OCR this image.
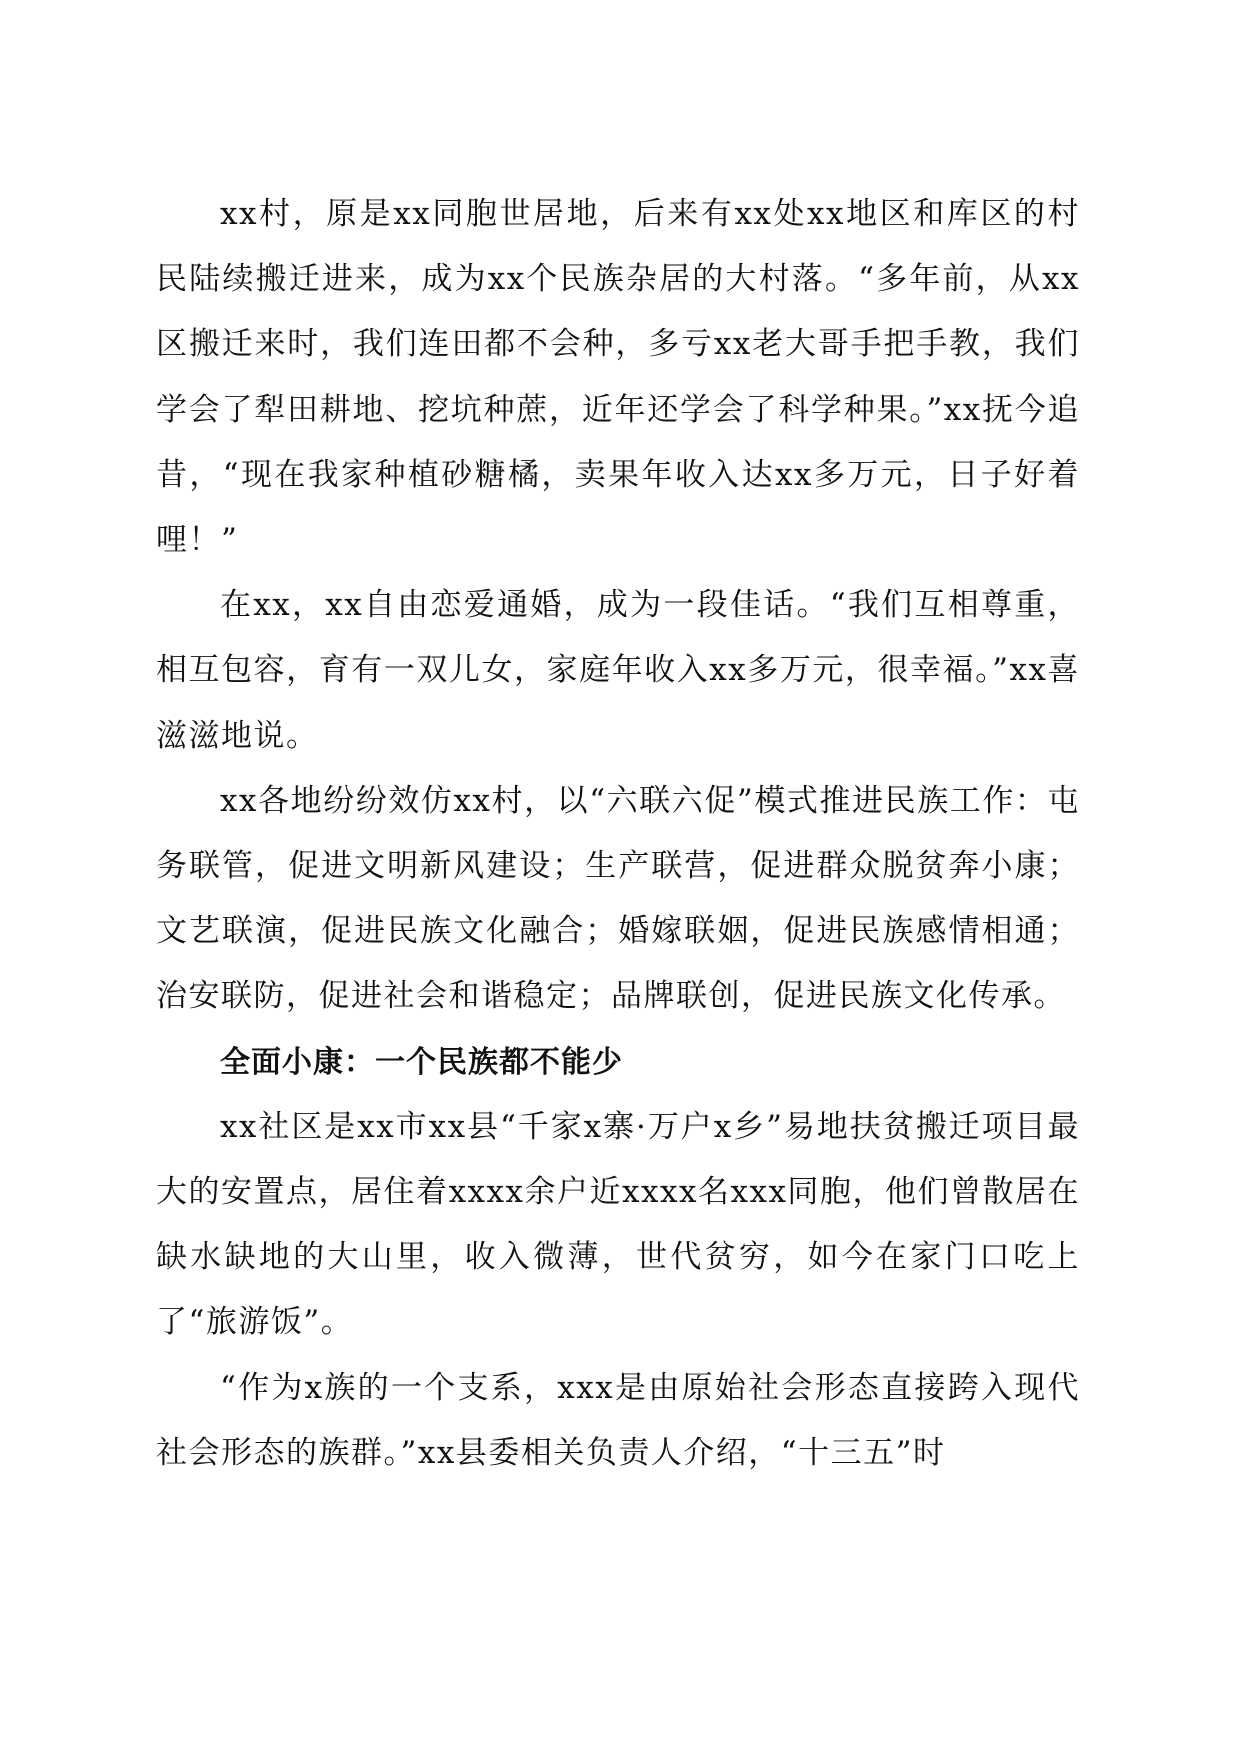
xx村，原是xx同胞世居地，后来有xx处xx地区和库区的村民陆续搬迁进来，成为xx个民族杂居的大村落。“多年前，从xx区搬迁来时，我们连田都不会种，多亏xx老大哥手把手教，我们学会了犁田耕地、挖坑种蔗，近年还学会了科学种果。”xx抚今追昔，“现在我家种植砂糖橘，卖果年收入达xx多万元，日子好着哩！”

在xx，xx自由恋爱通婚，成为一段佳话。“我们互相尊重，相互包容，育有一双儿女，家庭年收入xx多万元，很幸福。”xx喜滋滋地说。

xx各地纷纷效仿xx村，以“六联六促”模式推进民族工作：屯务联管，促进文明新风建设；生产联营，促进群众脱贫奔小康；文艺联演，促进民族文化融合；婚嫁联姻，促进民族感情相通；治安联防，促进社会和谐稳定；品牌联创，促进民族文化传承。

全面小康：一个民族都不能少

xx社区是xx市xx县“千家x寨·万户x乡”易地扶贫搬迁项目最大的安置点，居住着xxxx余户近xxxx名xxx同胞，他们曾散居在缺水缺地的大山里，收入微薄，世代贫穷，如今在家门口吃上了“旅游饭”。

“作为x族的一个支系，xxx是由原始社会形态直接跨入现代社会形态的族群。”xx县委相关负责人介绍，“十三五”时
